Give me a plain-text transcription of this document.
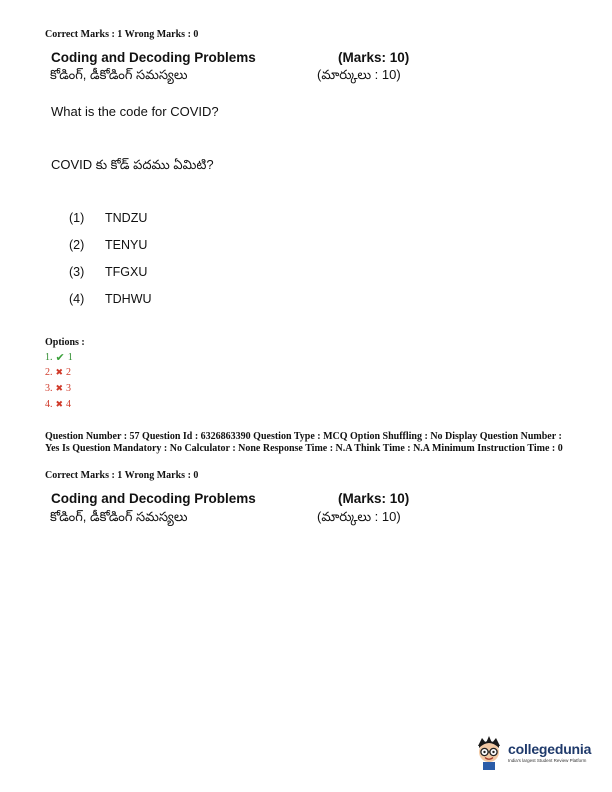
Correct Marks : 1 Wrong Marks : 0
Coding and Decoding Problems	(Marks: 10)
కోడింగ్, డీకోడింగ్ సమస్యలు	(మార్కులు : 10)
What is the code for COVID?
COVID కు కోడ్ పదము ఏమిటి?
(1) TNDZU
(2) TENYU
(3) TFGXU
(4) TDHWU
Options :
1. ✔ 1
2. ✖ 2
3. ✖ 3
4. ✖ 4
Question Number : 57 Question Id : 6326863390 Question Type : MCQ Option Shuffling : No Display Question Number : Yes Is Question Mandatory : No Calculator : None Response Time : N.A Think Time : N.A Minimum Instruction Time : 0
Correct Marks : 1 Wrong Marks : 0
Coding and Decoding Problems	(Marks: 10)
కోడింగ్, డీకోడింగ్ సమస్యలు	(మార్కులు : 10)
collegedunia
India's largest Student Review Platform
